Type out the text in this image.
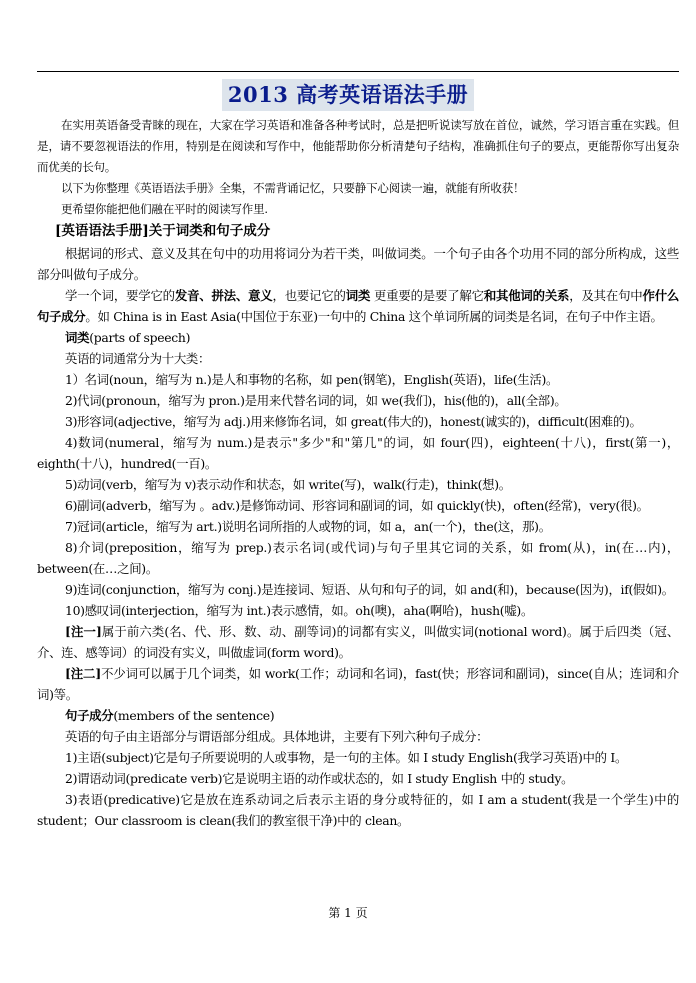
2013 高考英语语法手册

在实用英语备受青睐的现在，大家在学习英语和准备各种考试时，总是把听说读写放在首位，诚然，学习语言重在实践。但是，请不要忽视语法的作用，特别是在阅读和写作中，他能帮助你分析清楚句子结构，准确抓住句子的要点，更能帮你写出复杂而优美的长句。

以下为你整理《英语语法手册》全集，不需背诵记忆，只要静下心阅读一遍，就能有所收获！

更希望你能把他们融在平时的阅读写作里.

[英语语法手册]关于词类和句子成分

根据词的形式、意义及其在句中的功用将词分为若干类，叫做词类。一个句子由各个功用不同的部分所构成，这些部分叫做句子成分。

学一个词，要学它的发音、拼法、意义，也要记它的词类 更重要的是要了解它和其他词的关系，及其在句中作什么句子成分。如 China is in East Asia(中国位于东亚)一句中的 China 这个单词所属的词类是名词，在句子中作主语。

词类(parts of speech)

英语的词通常分为十大类：

1）名词(noun，缩写为 n.)是人和事物的名称，如 pen(钢笔)，English(英语)，life(生活)。

2)代词(pronoun，缩写为 pron.)是用来代替名词的词，如 we(我们)，his(他的)，all(全部)。

3)形容词(adjective，缩写为 adj.)用来修饰名词，如 great(伟大的)，honest(诚实的)，difficult(困难的)。

4)数词(numeral，缩写为 num.)是表示"多少"和"第几"的词，如 four(四)，eighteen(十八)，first(第一)，eighth(十八)，hundred(一百)。

5)动词(verb，缩写为 v)表示动作和状态，如 write(写)，walk(行走)，think(想)。

6)副词(adverb，缩写为 。adv.)是修饰动词、形容词和副词的词，如 quickly(快)，often(经常)，very(很)。

7)冠词(article，缩写为 art.)说明名词所指的人或物的词，如 a，an(一个)，the(这，那)。

8)介词(preposition，缩写为 prep.)表示名词(或代词)与句子里其它词的关系，如 from(从)，in(在…内)，between(在…之间)。

9)连词(conjunction，缩写为 conj.)是连接词、短语、从句和句子的词，如 and(和)，because(因为)，if(假如)。

10)感叹词(interjection，缩写为 int.)表示感情，如。oh(噢)，aha(啊哈)，hush(嘘)。

[注一]属于前六类(名、代、形、数、动、副等词)的词都有实义，叫做实词(notional word)。属于后四类（冠、介、连、感等词）的词没有实义，叫做虚词(form word)。

[注二]不少词可以属于几个词类，如 work(工作；动词和名词)，fast(快；形容词和副词)，since(自从；连词和介词)等。

句子成分(members of the sentence)

英语的句子由主语部分与谓语部分组成。具体地讲，主要有下列六种句子成分：

1)主语(subject)它是句子所要说明的人或事物，是一句的主体。如 I study English(我学习英语)中的 I。

2)谓语动词(predicate verb)它是说明主语的动作或状态的，如 I study English 中的 study。

3)表语(predicative)它是放在连系动词之后表示主语的身分或特征的，如 I am a student(我是一个学生)中的 student；Our classroom is clean(我们的教室很干净)中的 clean。

第 1 页
